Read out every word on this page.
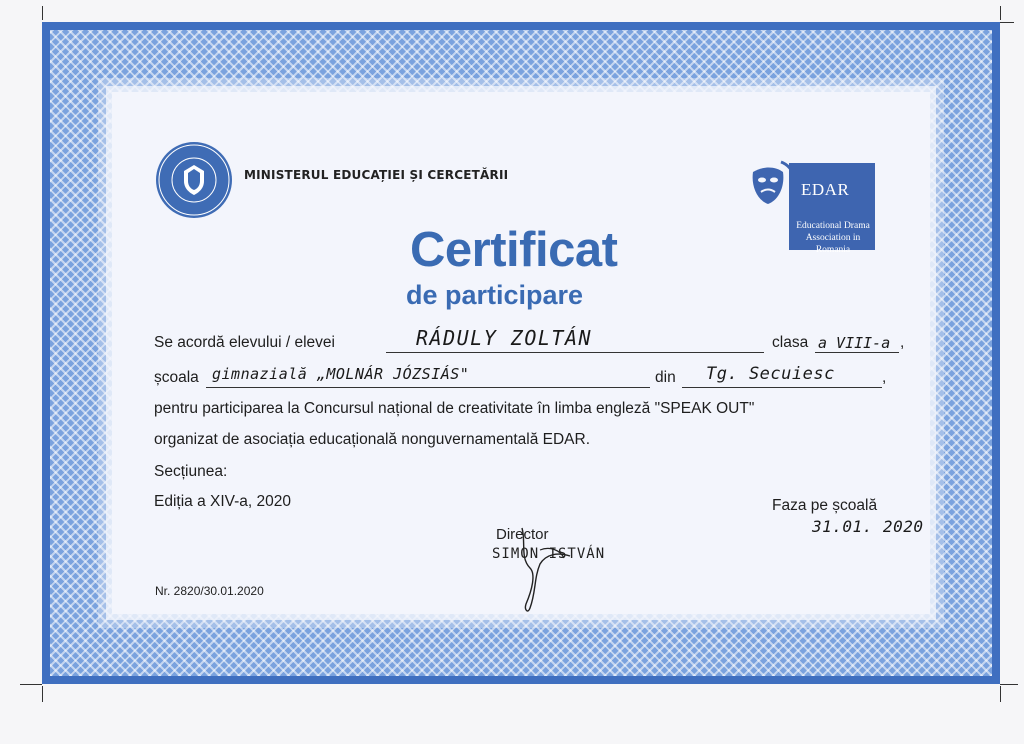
MINISTERUL EDUCAȚIEI ȘI CERCETĂRII
EDAR
Educational Drama
Association in Romania
Certificat
de participare
Se acordă elevului / elevei	RÁDULY ZOLTÁN	clasa a VIII-a ,
școala gimnazială „MOLNÁR JÓZSIÁS"	din Tg. Secuiesc	,
pentru participarea la Concursul național de creativitate în limba engleză "SPEAK OUT"
organizat de asociația educațională nonguvernamentală EDAR.
Secțiunea:
Ediția a XIV-a, 2020	Faza pe școală
31.01. 2020
Director
SIMON ISTVÁN
Nr. 2820/30.01.2020
